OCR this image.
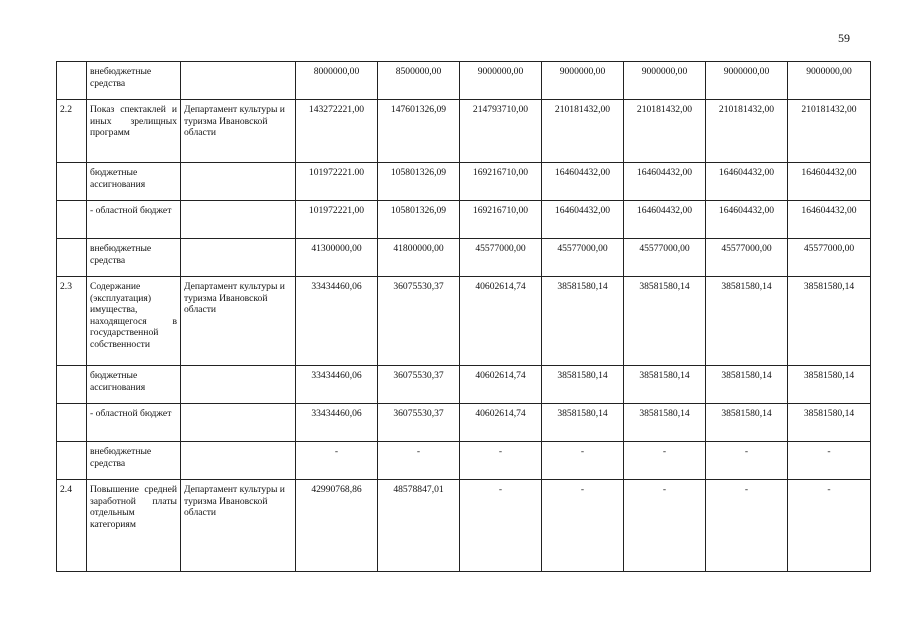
59
	внебюджетные средства		8000000,00	8500000,00	9000000,00	9000000,00	9000000,00	9000000,00	9000000,00
2.2	Показ спектаклей и иных зрелищных программ	Департамент культуры и туризма Ивановской области	143272221,00	147601326,09	214793710,00	210181432,00	210181432,00	210181432,00	210181432,00
	бюджетные ассигнования		101972221.00	105801326,09	169216710,00	164604432,00	164604432,00	164604432,00	164604432,00
	- областной бюджет		101972221,00	105801326,09	169216710,00	164604432,00	164604432,00	164604432,00	164604432,00
	внебюджетные средства		41300000,00	41800000,00	45577000,00	45577000,00	45577000,00	45577000,00	45577000,00
2.3	Содержание (эксплуатация) имущества, находящегося в государственной собственности	Департамент культуры и туризма Ивановской области	33434460,06	36075530,37	40602614,74	38581580,14	38581580,14	38581580,14	38581580,14
	бюджетные ассигнования		33434460,06	36075530,37	40602614,74	38581580,14	38581580,14	38581580,14	38581580,14
	- областной бюджет		33434460,06	36075530,37	40602614,74	38581580,14	38581580,14	38581580,14	38581580,14
	внебюджетные средства		-	-	-	-	-	-	-
2.4	Повышение средней заработной платы отдельным категориям	Департамент культуры и туризма Ивановской области	42990768,86	48578847,01	-	-	-	-	-
